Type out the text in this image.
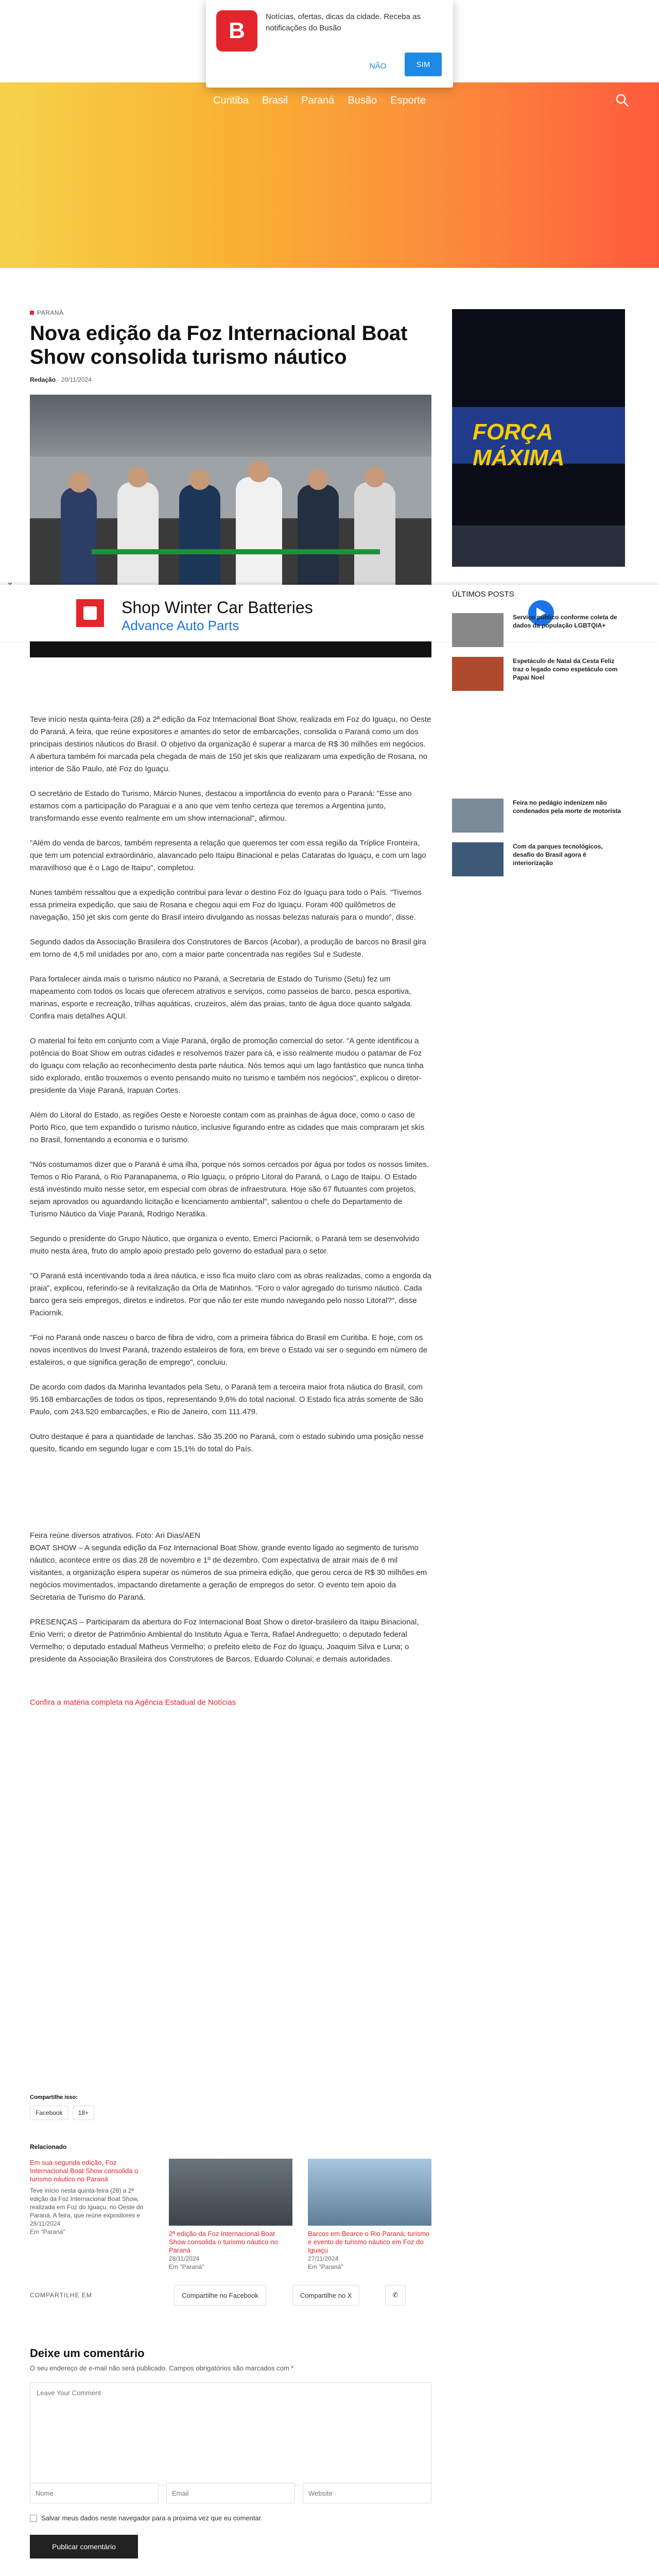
Curitiba Brasil Paraná Busão Esporte
B
Notícias, ofertas, dicas da cidade. Receba as notificações do Busão
NÃO	SIM
PARANÁ
Nova edição da Foz Internacional Boat Show consolida turismo náutico
Redação · 20/11/2024
⌄
Shop Winter Car Batteries
Advance Auto Parts

Teve início nesta quinta-feira (28) a 2ª edição da Foz Internacional Boat Show, realizada em Foz do Iguaçu, no Oeste do Paraná. A feira, que reúne expositores e amantes do setor de embarcações, consolida o Paraná como um dos principais destinos náuticos do Brasil. O objetivo da organização é superar a marca de R$ 30 milhões em negócios. A abertura também foi marcada pela chegada de mais de 150 jet skis que realizaram uma expedição de Rosana, no interior de São Paulo, até Foz do Iguaçu.

O secretário de Estado do Turismo, Márcio Nunes, destacou a importância do evento para o Paraná: "Esse ano estamos com a participação do Paraguai e a ano que vem tenho certeza que teremos a Argentina junto, transformando esse evento realmente em um show internacional", afirmou.

"Além do venda de barcos, também representa a relação que queremos ter com essa região da Tríplice Fronteira, que tem um potencial extraordinário, alavancado pelo Itaipu Binacional e pelas Cataratas do Iguaçu, e com um lago maravilhoso que é o Lago de Itaipu", completou.

Nunes também ressaltou que a expedição contribui para levar o destino Foz do Iguaçu para todo o País. "Tivemos essa primeira expedição, que saiu de Rosana e chegou aqui em Foz do Iguaçu. Foram 400 quilômetros de navegação, 150 jet skis com gente do Brasil inteiro divulgando as nossas belezas naturais para o mundo", disse.

Segundo dados da Associação Brasileira dos Construtores de Barcos (Acobar), a produção de barcos no Brasil gira em torno de 4,5 mil unidades por ano, com a maior parte concentrada nas regiões Sul e Sudeste.

Para fortalecer ainda mais o turismo náutico no Paraná, a Secretaria de Estado do Turismo (Setu) fez um mapeamento com todos os locais que oferecem atrativos e serviços, como passeios de barco, pesca esportiva, marinas, esporte e recreação, trilhas aquáticas, cruzeiros, além das praias, tanto de água doce quanto salgada. Confira mais detalhes AQUI.

O material foi feito em conjunto com a Viaje Paraná, órgão de promoção comercial do setor. "A gente identificou a potência do Boat Show em outras cidades e resolvemos trazer para cá, e isso realmente mudou o patamar de Foz do Iguaçu com relação ao reconhecimento desta parte náutica. Nós temos aqui um lago fantástico que nunca tinha sido explorado, então trouxemos o evento pensando muito no turismo e também nos negócios", explicou o diretor-presidente da Viaje Paraná, Irapuan Cortes.

Além do Litoral do Estado, as regiões Oeste e Noroeste contam com as prainhas de água doce, como o caso de Porto Rico, que tem expandido o turismo náutico, inclusive figurando entre as cidades que mais compraram jet skis no Brasil, fomentando a economia e o turismo.

"Nós costumamos dizer que o Paraná é uma ilha, porque nós somos cercados por água por todos os nossos limites. Temos o Rio Paraná, o Rio Paranapanema, o Rio Iguaçu, o próprio Litoral do Paraná, o Lago de Itaipu. O Estado está investindo muito nesse setor, em especial com obras de infraestrutura. Hoje são 67 flutuantes com projetos, sejam aprovados ou aguardando licitação e licenciamento ambiental", salientou o chefe do Departamento de Turismo Náutico da Viaje Paraná, Rodrigo Neratika.

Segundo o presidente do Grupo Náutico, que organiza o evento, Emerci Paciornik, o Paraná tem se desenvolvido muito nesta área, fruto do amplo apoio prestado pelo governo do estadual para o setor.

"O Paraná está incentivando toda a área náutica, e isso fica muito claro com as obras realizadas, como a engorda da praia", explicou, referindo-se à revitalização da Orla de Matinhos. "Foro o valor agregado do turismo náutico. Cada barco gera seis empregos, diretos e indiretos. Por que não ter este mundo navegando pelo nosso Litoral?", disse Paciornik.

"Foi no Paraná onde nasceu o barco de fibra de vidro, com a primeira fábrica do Brasil em Curitiba. E hoje, com os novos incentivos do Invest Paraná, trazendo estaleiros de fora, em breve o Estado vai ser o segundo em número de estaleiros, o que significa geração de emprego", concluiu.

De acordo com dados da Marinha levantados pela Setu, o Paraná tem a terceira maior frota náutica do Brasil, com 95.168 embarcações de todos os tipos, representando 9,6% do total nacional. O Estado fica atrás somente de São Paulo, com 243.520 embarcações, e Rio de Janeiro, com 111.479.

Outro destaque é para a quantidade de lanchas. São 35.200 no Paraná, com o estado subindo uma posição nesse quesito, ficando em segundo lugar e com 15,1% do total do País.

Feira reúne diversos atrativos. Foto: Ari Dias/AEN

BOAT SHOW – A segunda edição da Foz Internacional Boat Show, grande evento ligado ao segmento de turismo náutico, acontece entre os dias 28 de novembro e 1º de dezembro. Com expectativa de atrair mais de 6 mil visitantes, a organização espera superar os números de sua primeira edição, que gerou cerca de R$ 30 milhões em negócios movimentados, impactando diretamente a geração de empregos do setor. O evento tem apoio da Secretaria de Turismo do Paraná.

PRESENÇAS – Participaram da abertura do Foz Internacional Boat Show o diretor-brasileiro da Itaipu Binacional, Enio Verri; o diretor de Patrimônio Ambiental do Instituto Água e Terra, Rafael Andreguetto; o deputado federal Vermelho; o deputado estadual Matheus Vermelho; o prefeito eleito de Foz do Iguaçu, Joaquim Silva e Luna; o presidente da Associação Brasileira dos Construtores de Barcos, Eduardo Colunai; e demais autoridades.

Confira a matéria completa na Agência Estadual de Notícias

Compartilhe isso:
Facebook	18+
Relacionado
Em sua segunda edição, Foz Internacional Boat Show consolida o turismo náutico no Paraná
Teve início nesta quinta-feira (28) a 2ª edição da Foz Internacional Boat Show, realizada em Foz do Iguaçu, no Oeste do Paraná. A feira, que reúne expositores e
28/11/2024
Em "Paraná"	2ª edição da Foz Internacional Boat Show consolida o turismo náutico no Paraná
28/11/2024
Em "Paraná"
Barcos em Bearce o Rio Paraná; turismo e evento de turismo náutico em Foz do Iguaçu
27/11/2024
Em "Paraná"
COMPARTILHE EM	Compartilhe no Facebook	Compartilhe no X	✆
Deixe um comentário
O seu endereço de e-mail não será publicado. Campos obrigatórios são marcados com *
Leave Your Comment
Nome
Email
Website
Salvar meus dados neste navegador para a próxima vez que eu comentar.
Publicar comentário
FORÇA MÁXIMA
ÚLTIMOS POSTS
Serviço público conforme coleta de dados da população LGBTQIA+
Espetáculo de Natal da Cesta Feliz traz o legado como espetáculo com Papai Noel
Feira no pedágio indenizem não condenados pela morte de motorista
Com da parques tecnológicos, desafio do Brasil agora é interiorização
